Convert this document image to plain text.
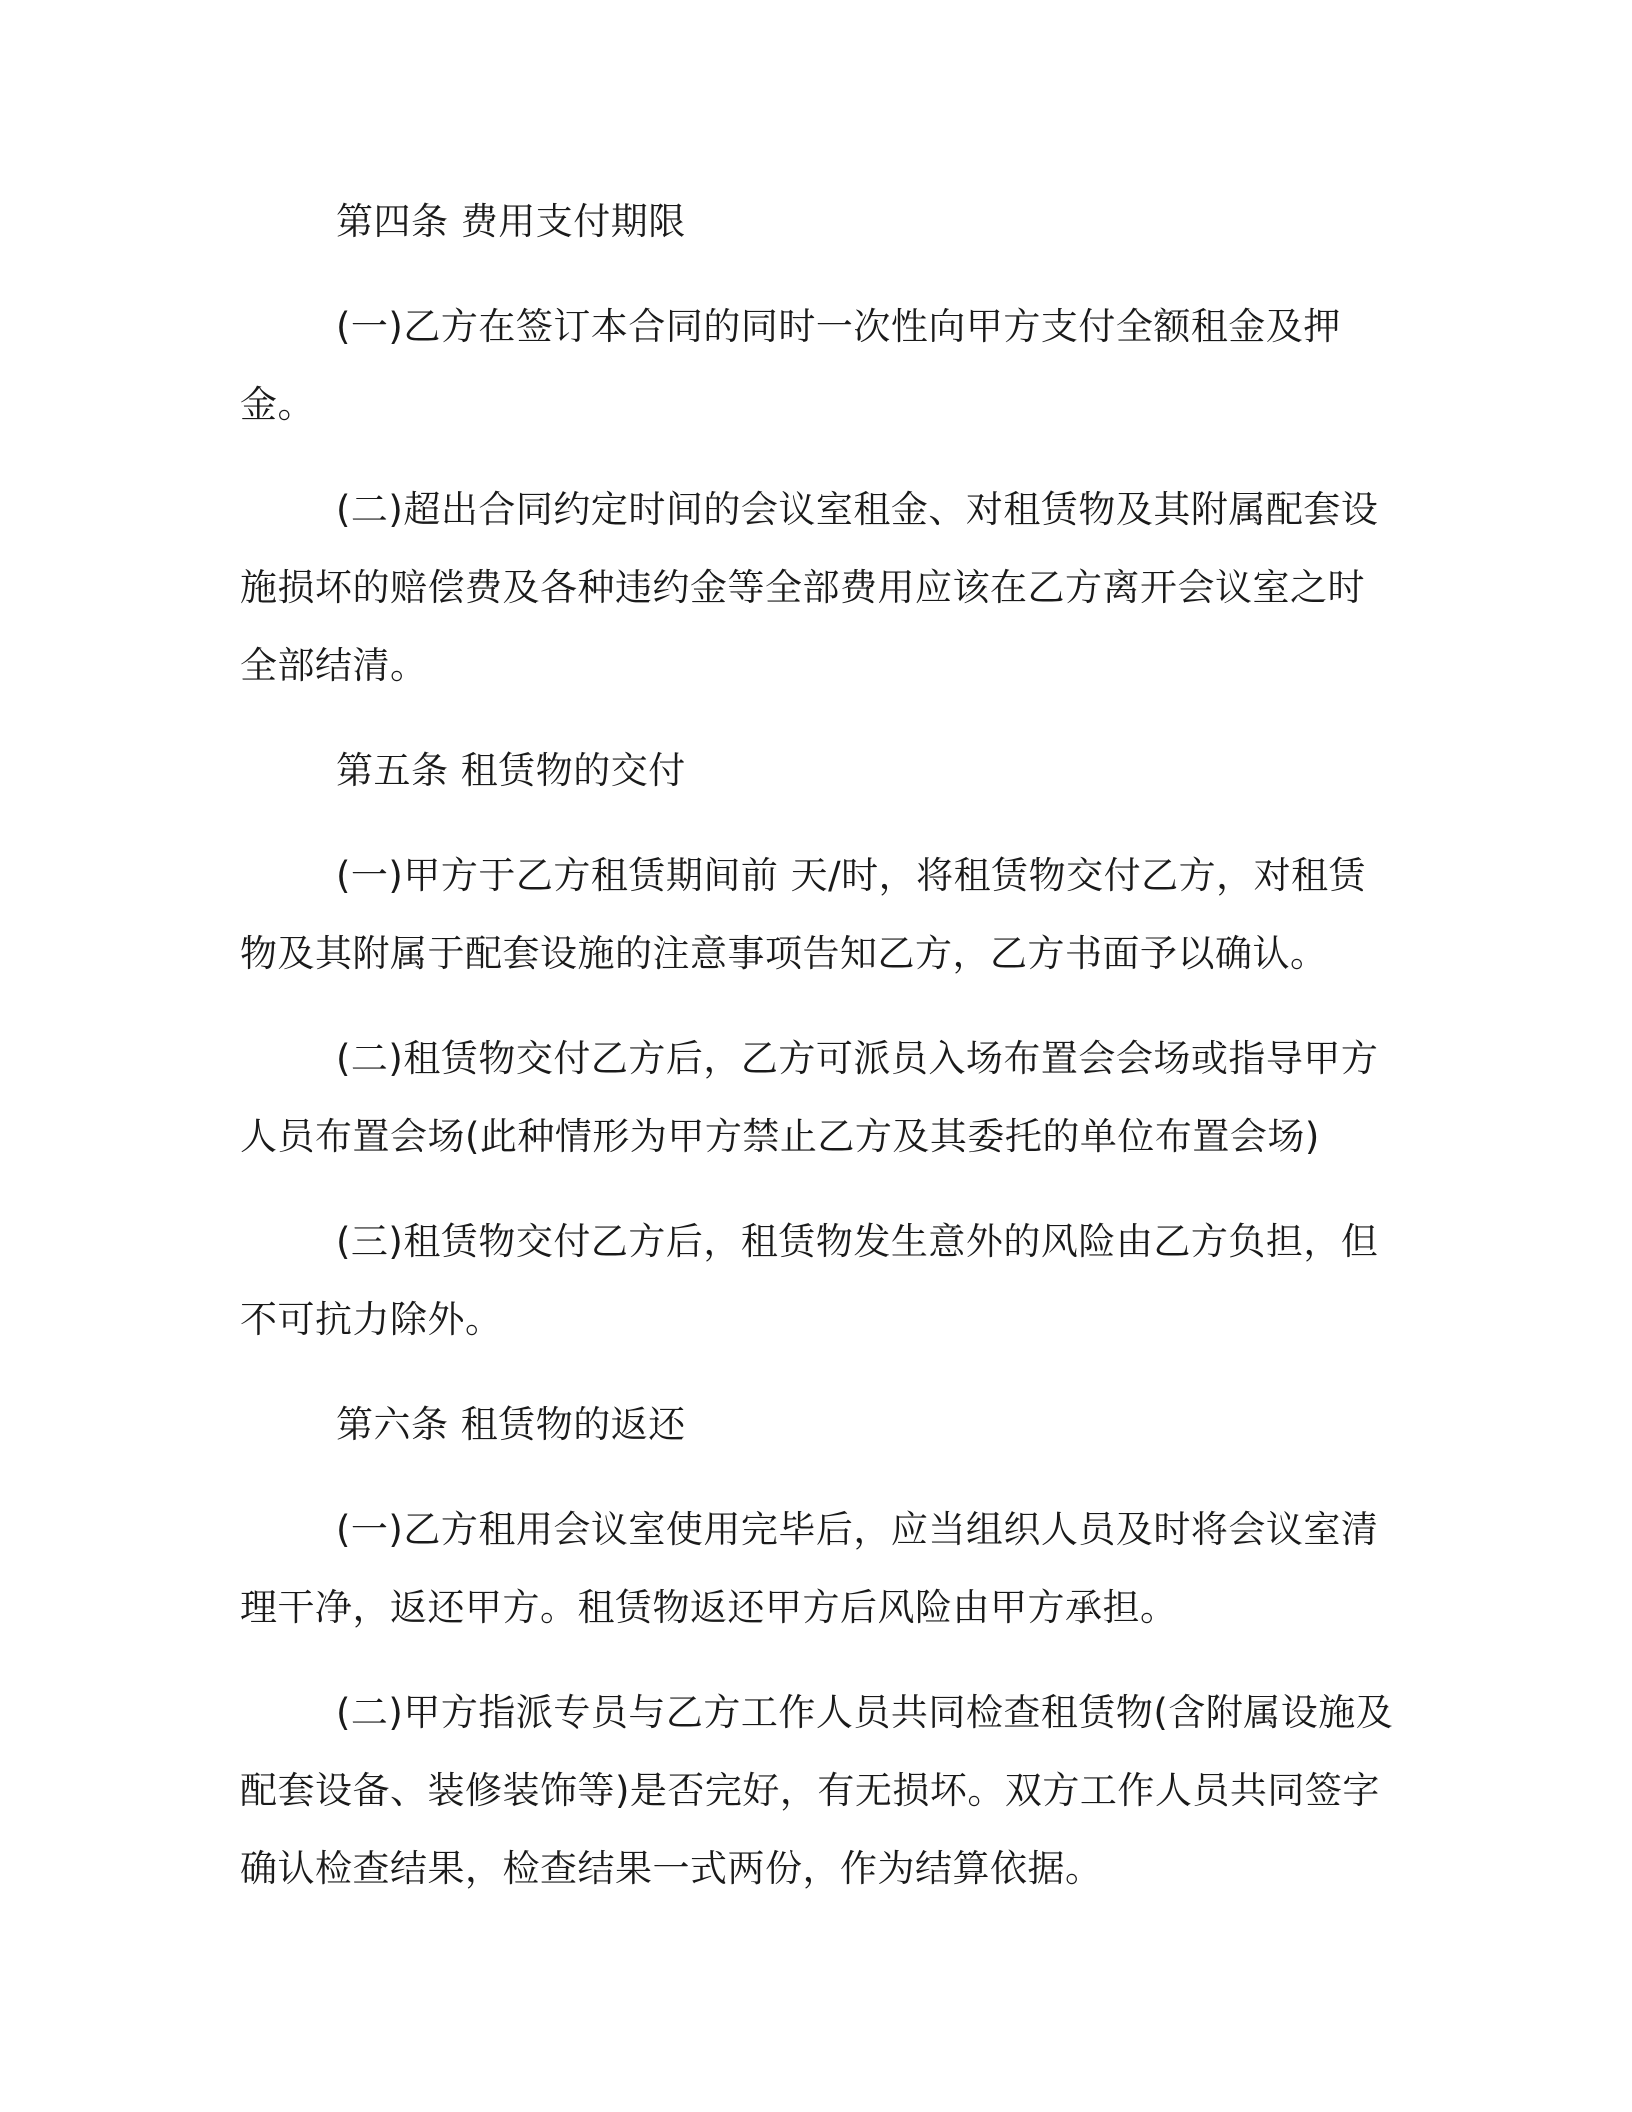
第四条 费用支付期限

(一)乙方在签订本合同的同时一次性向甲方支付全额租金及押金。

(二)超出合同约定时间的会议室租金、对租赁物及其附属配套设施损坏的赔偿费及各种违约金等全部费用应该在乙方离开会议室之时全部结清。

第五条 租赁物的交付

(一)甲方于乙方租赁期间前 天/时，将租赁物交付乙方，对租赁物及其附属于配套设施的注意事项告知乙方，乙方书面予以确认。

(二)租赁物交付乙方后，乙方可派员入场布置会会场或指导甲方人员布置会场(此种情形为甲方禁止乙方及其委托的单位布置会场)

(三)租赁物交付乙方后，租赁物发生意外的风险由乙方负担，但不可抗力除外。

第六条 租赁物的返还

(一)乙方租用会议室使用完毕后，应当组织人员及时将会议室清理干净，返还甲方。租赁物返还甲方后风险由甲方承担。

(二)甲方指派专员与乙方工作人员共同检查租赁物(含附属设施及配套设备、装修装饰等)是否完好，有无损坏。双方工作人员共同签字确认检查结果，检查结果一式两份，作为结算依据。
